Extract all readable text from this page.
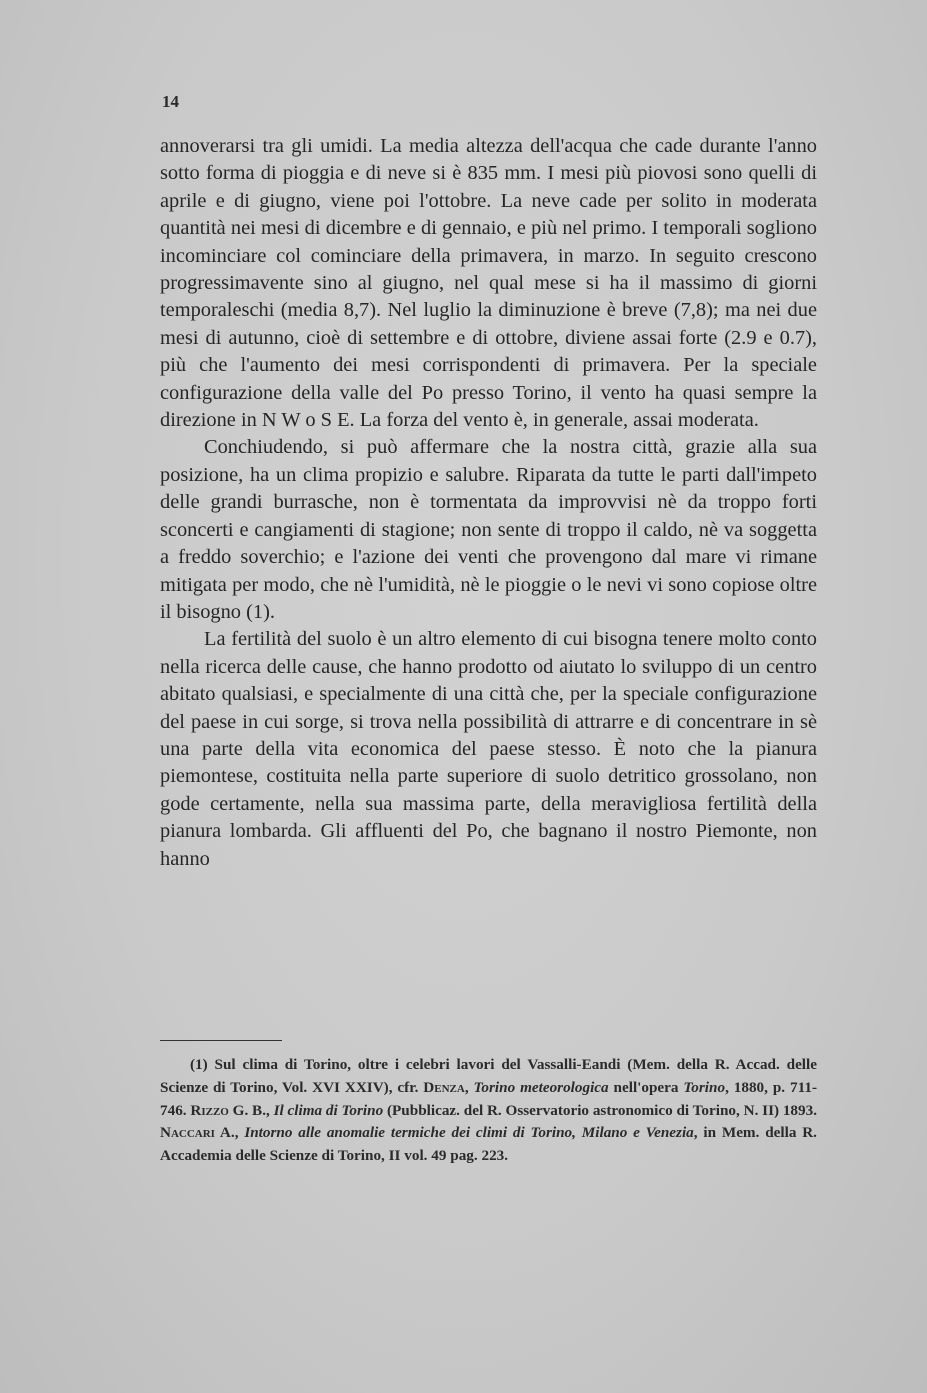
14

annoverarsi tra gli umidi. La media altezza dell'acqua che cade durante l'anno sotto forma di pioggia e di neve si è 835 mm. I mesi più piovosi sono quelli di aprile e di giugno, viene poi l'ottobre. La neve cade per solito in moderata quantità nei mesi di dicembre e di gennaio, e più nel primo. I temporali sogliono incominciare col cominciare della primavera, in marzo. In seguito crescono progressimavente sino al giugno, nel qual mese si ha il massimo di giorni temporaleschi (media 8,7). Nel luglio la diminuzione è breve (7,8); ma nei due mesi di autunno, cioè di settembre e di ottobre, diviene assai forte (2.9 e 0.7), più che l'aumento dei mesi corrispondenti di primavera. Per la speciale configurazione della valle del Po presso Torino, il vento ha quasi sempre la direzione in N W o S E. La forza del vento è, in generale, assai moderata.

Conchiudendo, si può affermare che la nostra città, grazie alla sua posizione, ha un clima propizio e salubre. Riparata da tutte le parti dall'impeto delle grandi burrasche, non è tormentata da improvvisi nè da troppo forti sconcerti e cangiamenti di stagione; non sente di troppo il caldo, nè va soggetta a freddo soverchio; e l'azione dei venti che provengono dal mare vi rimane mitigata per modo, che nè l'umidità, nè le pioggie o le nevi vi sono copiose oltre il bisogno (1).

La fertilità del suolo è un altro elemento di cui bisogna tenere molto conto nella ricerca delle cause, che hanno prodotto od aiutato lo sviluppo di un centro abitato qualsiasi, e specialmente di una città che, per la speciale configurazione del paese in cui sorge, si trova nella possibilità di attrarre e di concentrare in sè una parte della vita economica del paese stesso. È noto che la pianura piemontese, costituita nella parte superiore di suolo detritico grossolano, non gode certamente, nella sua massima parte, della meravigliosa fertilità della pianura lombarda. Gli affluenti del Po, che bagnano il nostro Piemonte, non hanno

(1) Sul clima di Torino, oltre i celebri lavori del Vassalli-Eandi (Mem. della R. Accad. delle Scienze di Torino, Vol. XVI XXIV), cfr. Denza, Torino meteorologica nell'opera Torino, 1880, p. 711-746. Rizzo G. B., Il clima di Torino (Pubblicaz. del R. Osservatorio astronomico di Torino, N. II) 1893. Naccari A., Intorno alle anomalie termiche dei climi di Torino, Milano e Venezia, in Mem. della R. Accademia delle Scienze di Torino, II vol. 49 pag. 223.
